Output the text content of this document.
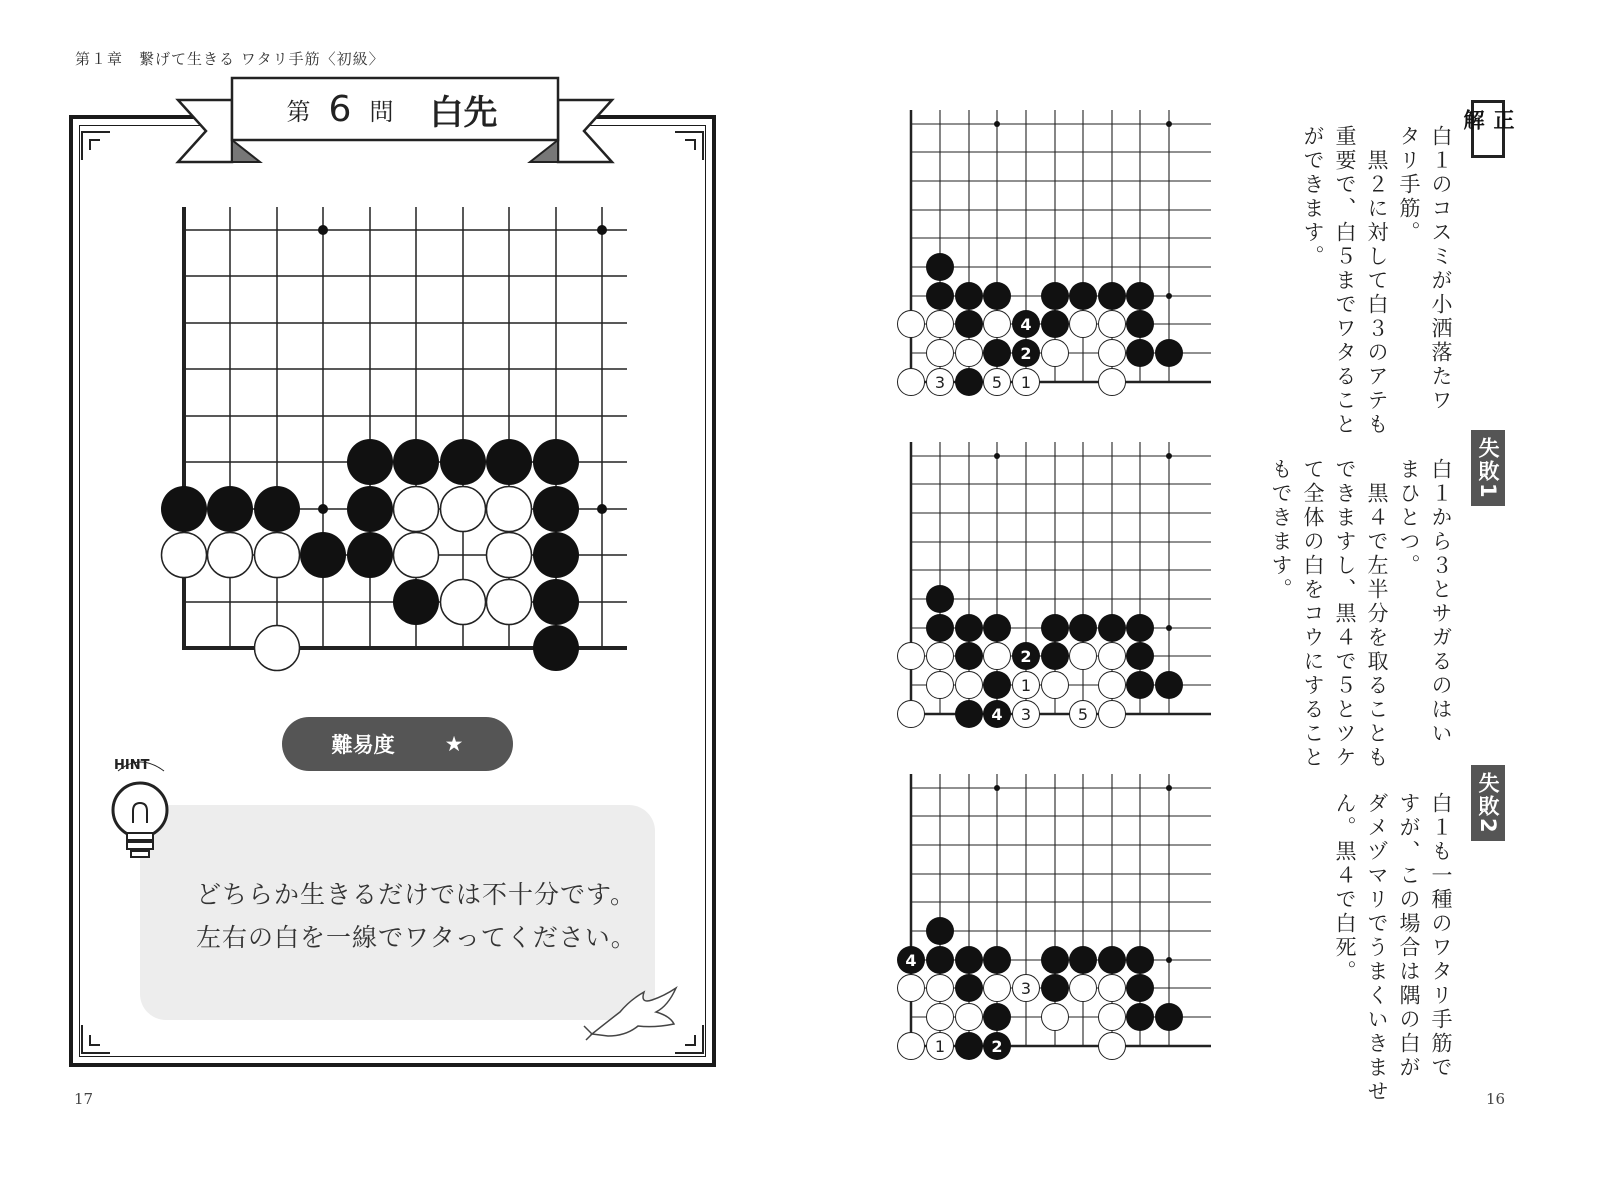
第１章　繋げて生きる ワタリ手筋〈初級〉
第 6 問 白先
難易度 ★
どちらか生きるだけでは不十分です。
左右の白を一線でワタってください。
HINT
17	16
4
2
3	5 1
2
1
4 3	5
4
3
1	2
正解
失敗1
失敗2
白１のコスミが小洒落たワ
タリ手筋。
　黒２に対して白３のアテも
重要で、白５までワタること
ができます。
白１から３とサガるのはい
まひとつ。
　黒４で左半分を取ることも
できますし、黒４で５とツケ
て全体の白をコウにすること
もできます。
白１も一種のワタリ手筋で
すが、この場合は隅の白が
ダメヅマリでうまくいきませ
ん。黒４で白死。
